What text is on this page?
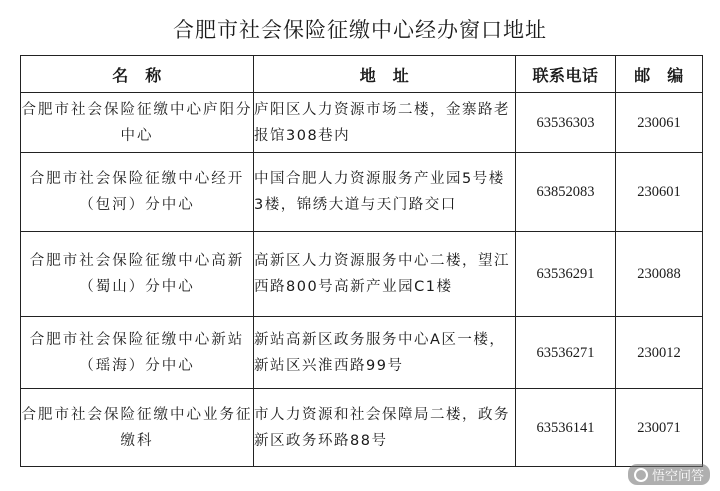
合肥市社会保险征缴中心经办窗口地址
名　称	地　址	联系电话	邮　编
合肥市社会保险征缴中心庐阳分中心	庐阳区人力资源市场二楼，金寨路老报馆308巷内	63536303	230061
合肥市社会保险征缴中心经开（包河）分中心	中国合肥人力资源服务产业园5号楼3楼，锦绣大道与天门路交口	63852083	230601
合肥市社会保险征缴中心高新（蜀山）分中心	高新区人力资源服务中心二楼，望江西路800号高新产业园C1楼	63536291	230088
合肥市社会保险征缴中心新站（瑶海）分中心	新站高新区政务服务中心A区一楼，新站区兴淮西路99号	63536271	230012
合肥市社会保险征缴中心业务征缴科	市人力资源和社会保障局二楼，政务新区政务环路88号	63536141	230071
悟空问答
